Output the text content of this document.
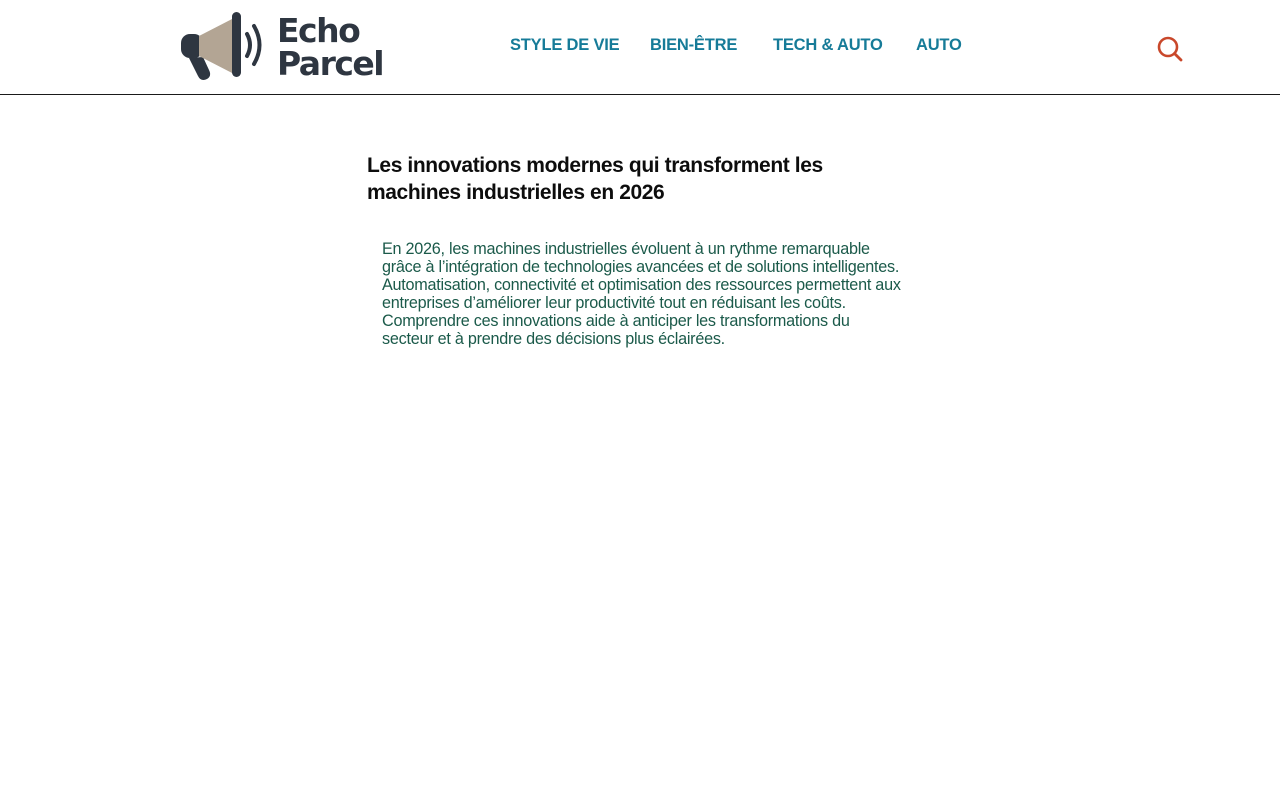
Echo
Parcel	STYLE DE VIE BIEN-ÊTRE TECH & AUTO AUTO
Les innovations modernes qui transforment les machines industrielles en 2026

En 2026, les machines industrielles évoluent à un rythme remarquable grâce à l’intégration de technologies avancées et de solutions intelligentes. Automatisation, connectivité et optimisation des ressources permettent aux entreprises d’améliorer leur productivité tout en réduisant les coûts. Comprendre ces innovations aide à anticiper les transformations du secteur et à prendre des décisions plus éclairées.
